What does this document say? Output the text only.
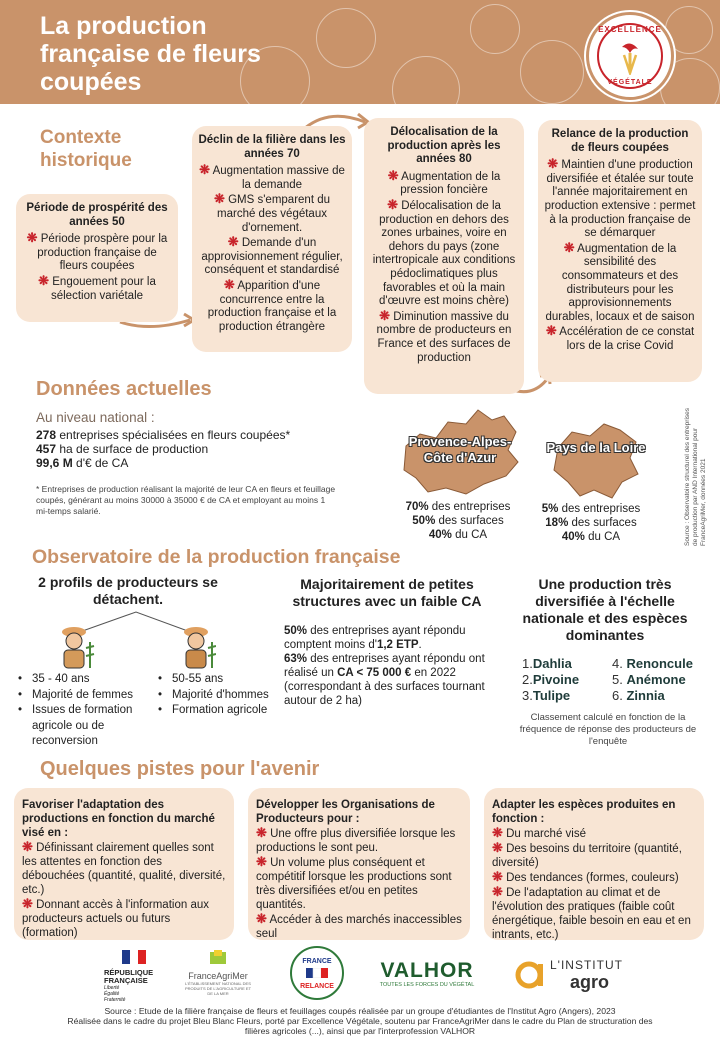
La production
française de fleurs
coupées
EXCELLENCE
VÉGÉTALE
Contexte
historique
Période de prospérité des années 50
❋ Période prospère pour la production française de fleurs coupées
❋ Engouement pour la sélection variétale
Déclin de la filière dans les années 70
❋ Augmentation massive de la demande
❋ GMS s'emparent du marché des végétaux d'ornement.
❋ Demande d'un approvisionnement régulier, conséquent et standardisé
❋ Apparition d'une concurrence entre la production française et la production étrangère
Délocalisation de la production après les années 80
❋ Augmentation de la pression foncière
❋ Délocalisation de la production en dehors des zones urbaines, voire en dehors du pays (zone intertropicale aux conditions pédoclimatiques plus favorables et où la main d'œuvre est moins chère)
❋ Diminution massive du nombre de producteurs en France et des surfaces de production
Relance de la production de fleurs coupées
❋ Maintien d'une production diversifiée et étalée sur toute l'année majoritairement en production extensive : permet à la production française de se démarquer
❋ Augmentation de la sensibilité des consommateurs et des distributeurs pour les approvisionnements durables, locaux et de saison
❋ Accélération de ce constat lors de la crise Covid
Données actuelles
Au niveau national :
278 entreprises spécialisées en fleurs coupées*
457 ha de surface de production
99,6 M d'€ de CA
* Entreprises de production réalisant la majorité de leur CA en fleurs et feuillage coupés, générant au moins 30000 à 35000 € de CA et employant au moins 1 mi-temps salarié.
Provence-Alpes-Côte d'Azur
70% des entreprises
50% des surfaces
40% du CA
Pays de la Loire
5% des entreprises
18% des surfaces
40% du CA	Source : Observatoire structurel des entreprises de production par AND International pour FranceAgriMer, données 2021
Observatoire de la production française
2 profils de producteurs se détachent.
• 35 - 40 ans
• Majorité de femmes
• Issues de formation agricole ou de reconversion
• 50-55 ans
• Majorité d'hommes
• Formation agricole
Majoritairement de petites structures avec un faible CA
50% des entreprises ayant répondu comptent moins d'1,2 ETP.
63% des entreprises ayant répondu ont réalisé un CA < 75 000 € en 2022 (correspondant à des surfaces tournant autour de 2 ha)
Une production très diversifiée à l'échelle nationale et des espèces dominantes
1.Dahlia
2.Pivoine
3.Tulipe
4. Renoncule
5. Anémone
6. Zinnia
Classement calculé en fonction de la fréquence de réponse des producteurs de l'enquête
Quelques pistes pour l'avenir
Favoriser l'adaptation des productions en fonction du marché visé en :
❋ Définissant clairement quelles sont les attentes en fonction des débouchées (quantité, qualité, diversité, etc.)
❋ Donnant accès à l'information aux producteurs actuels ou futurs (formation)
Développer les Organisations de Producteurs pour :
❋ Une offre plus diversifiée lorsque les productions le sont peu.
❋ Un volume plus conséquent et compétitif lorsque les productions sont très diversifiées et/ou en petites quantités.
❋ Accéder à des marchés inaccessibles seul
Adapter les espèces produites en fonction :
❋ Du marché visé
❋ Des besoins du territoire (quantité, diversité)
❋ Des tendances (formes, couleurs)
❋ De l'adaptation au climat et de l'évolution des pratiques (faible coût énergétique, faible besoin en eau et en intrants, etc.)
RÉPUBLIQUE
FRANÇAISE
Liberté
Égalité
Fraternité
FranceAgriMer
L'ÉTABLISSEMENT NATIONAL DES PRODUITS DE L'AGRICULTURE ET DE LA MER
FRANCE
RELANCE
VALHOR
TOUTES LES FORCES DU VÉGÉTAL
L'INSTITUT
agro
Source : Etude de la filière française de fleurs et feuillages coupés réalisée par un groupe d'étudiantes de l'Institut Agro (Angers), 2023
Réalisée dans le cadre du projet Bleu Blanc Fleurs, porté par Excellence Végétale, soutenu par FranceAgriMer dans le cadre du Plan de structuration des
filières agricoles (...), ainsi que par l'interprofession VALHOR
